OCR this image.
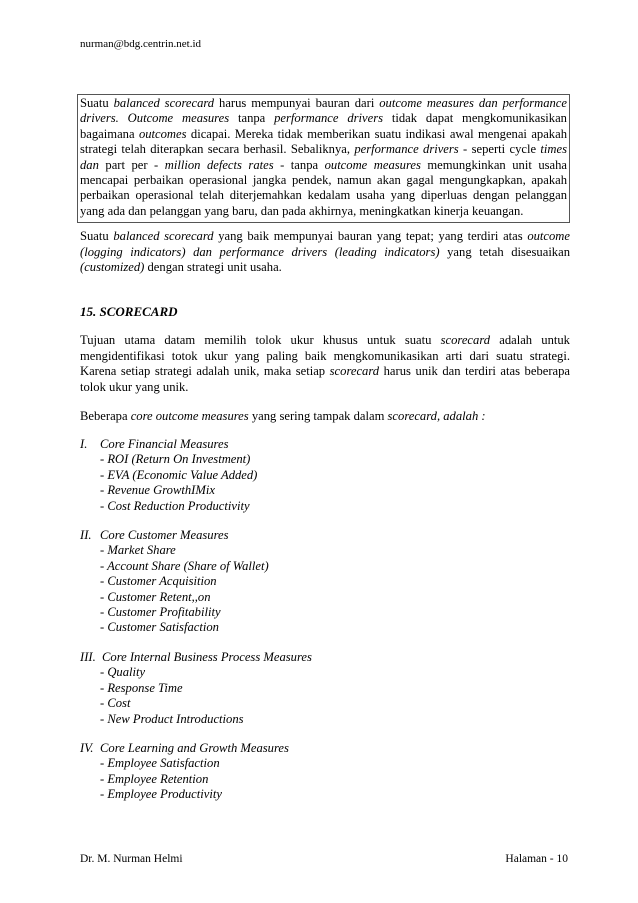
nurman@bdg.centrin.net.id

Suatu balanced scorecard harus mempunyai bauran dari outcome measures dan performance drivers. Outcome measures tanpa performance drivers tidak dapat mengkomunikasikan bagaimana outcomes dicapai. Mereka tidak memberikan suatu indikasi awal mengenai apakah strategi telah diterapkan secara berhasil. Sebaliknya, performance drivers - seperti cycle times dan part per - million defects rates - tanpa outcome measures memungkinkan unit usaha mencapai perbaikan operasional jangka pendek, namun akan gagal mengungkapkan, apakah perbaikan operasional telah diterjemahkan kedalam usaha yang diperluas dengan pelanggan yang ada dan pelanggan yang baru, dan pada akhirnya, meningkatkan kinerja keuangan.

Suatu balanced scorecard yang baik mempunyai bauran yang tepat; yang terdiri atas outcome (logging indicators) dan performance drivers (leading indicators) yang tetah disesuaikan (customized) dengan strategi unit usaha.

15. SCORECARD

Tujuan utama datam memilih tolok ukur khusus untuk suatu scorecard adalah untuk mengidentifikasi totok ukur yang paling baik mengkomunikasikan arti dari suatu strategi. Karena setiap strategi adalah unik, maka setiap scorecard harus unik dan terdiri atas beberapa tolok ukur yang unik.

Beberapa core outcome measures yang sering tampak dalam scorecard, adalah :

I. Core Financial Measures
- ROI (Return On Investment)
- EVA (Economic Value Added)
- Revenue GrowthIMix
- Cost Reduction Productivity
II. Core Customer Measures
- Market Share
- Account Share (Share of Wallet)
- Customer Acquisition
- Customer Retent,,on
- Customer Profitability
- Customer Satisfaction
III. Core Internal Business Process Measures
- Quality
- Response Time
- Cost
- New Product Introductions
IV. Core Learning and Growth Measures
- Employee Satisfaction
- Employee Retention
- Employee Productivity
Dr. M. Nurman Helmi	Halaman - 10
